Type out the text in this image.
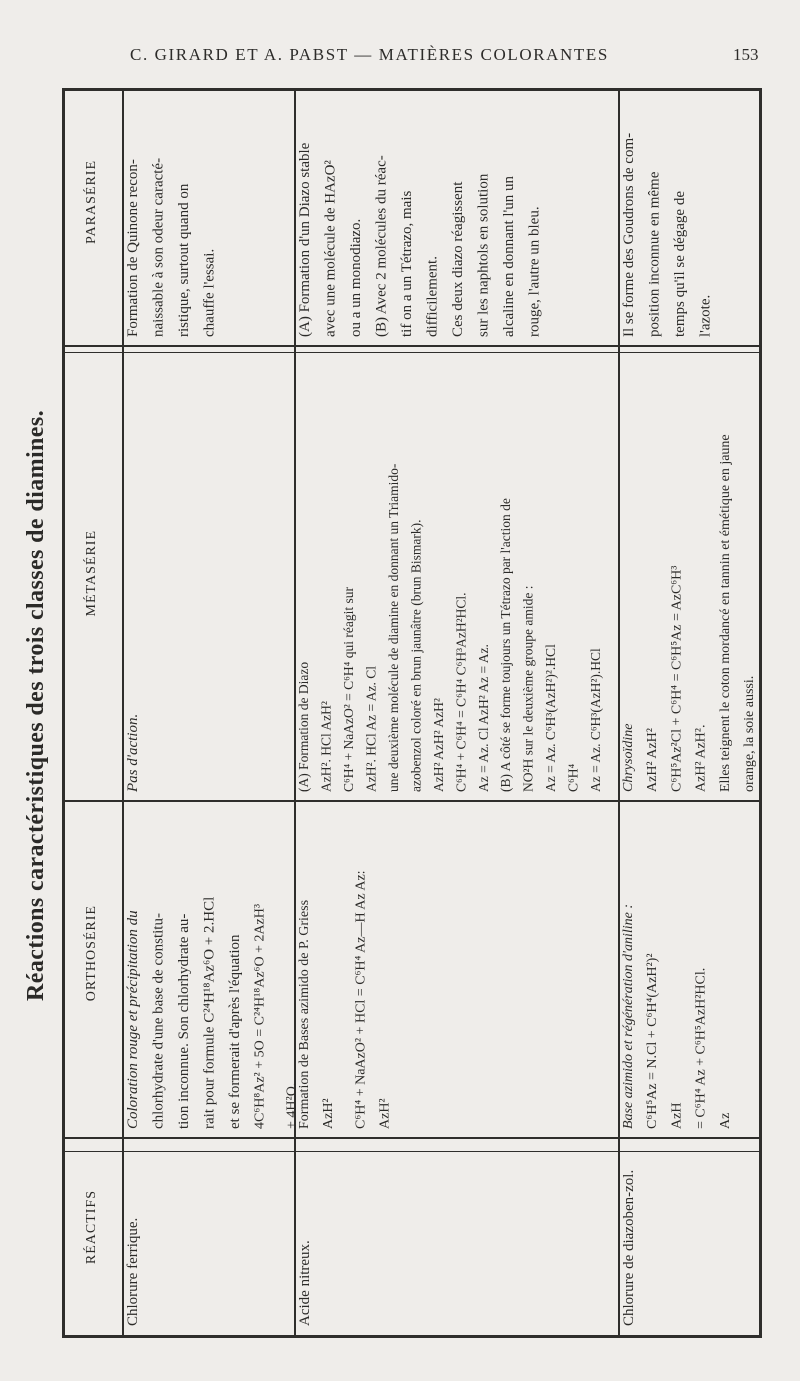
C. GIRARD ET A. PABST — MATIÈRES COLORANTES	153
Réactions caractéristiques des trois classes de diamines.
PARASÉRIE
MÉTASÉRIE
ORTHOSÉRIE
RÉACTIFS Chlorure ferrique.

Coloration rouge et précipitation du chlorhydrate d'une base de constitu- tion inconnue. Son chlorhydrate au- rait pour formule C²⁴H¹⁸Az⁶O + 2.HCl et se formerait d'après l'équation 4C⁶H⁸Az² + 5O = C²⁴H¹⁸Az⁶O + 2AzH³ + 4H²O.

Pas d'action.

Formation de Quinone recon- naissable à son odeur caracté- ristique, surtout quand on chauffe l'essai.

Acide nitreux.

Formation de Bases azimido de P. Griess AzH² C⁶H⁴ + NaAzO² + HCl = C⁶H⁴ Az—H Az Az: AzH²

(A) Formation de Diazo AzH². HCl AzH² C⁶H⁴ + NaAzO² = C⁶H⁴ qui réagit sur AzH². HCl Az = Az. Cl une deuxième molécule de diamine en donnant un Triamido- azobenzol coloré en brun jaunâtre (brun Bismark). AzH² AzH² AzH² C⁶H⁴ + C⁶H⁴ = C⁶H⁴ C⁶H³AzH²HCl. Az = Az. Cl AzH² Az = Az. (B) A côté se forme toujours un Tétrazo par l'action de NO²H sur le deuxième groupe amide : Az = Az. C⁶H³(AzH²)².HCl C⁶H⁴ Az = Az. C⁶H³(AzH²).HCl

(A) Formation d'un Diazo stable avec une molécule de HAzO² ou a un monodiazo. (B) Avec 2 molécules du réac- tif on a un Tétrazo, mais difficilement. Ces deux diazo réagissent sur les naphtols en solution alcaline en donnant l'un un rouge, l'autre un bleu.

Chlorure de diazoben-zol.

Base azimido et régénération d'aniline : C⁶H⁵Az = N.Cl + C⁶H⁴(AzH²)² AzH = C⁶H⁴ Az + C⁶H⁵AzH²HCl. Az

Chrysoïdine AzH² AzH² C⁶H⁵Az²Cl + C⁶H⁴ = C⁶H⁵Az = AzC⁶H³ AzH² AzH². Elles teignent le coton mordancé en tannin et émétique en jaune orange, la soie aussi.

Il se forme des Goudrons de com- position inconnue en même temps qu'il se dégage de l'azote.
